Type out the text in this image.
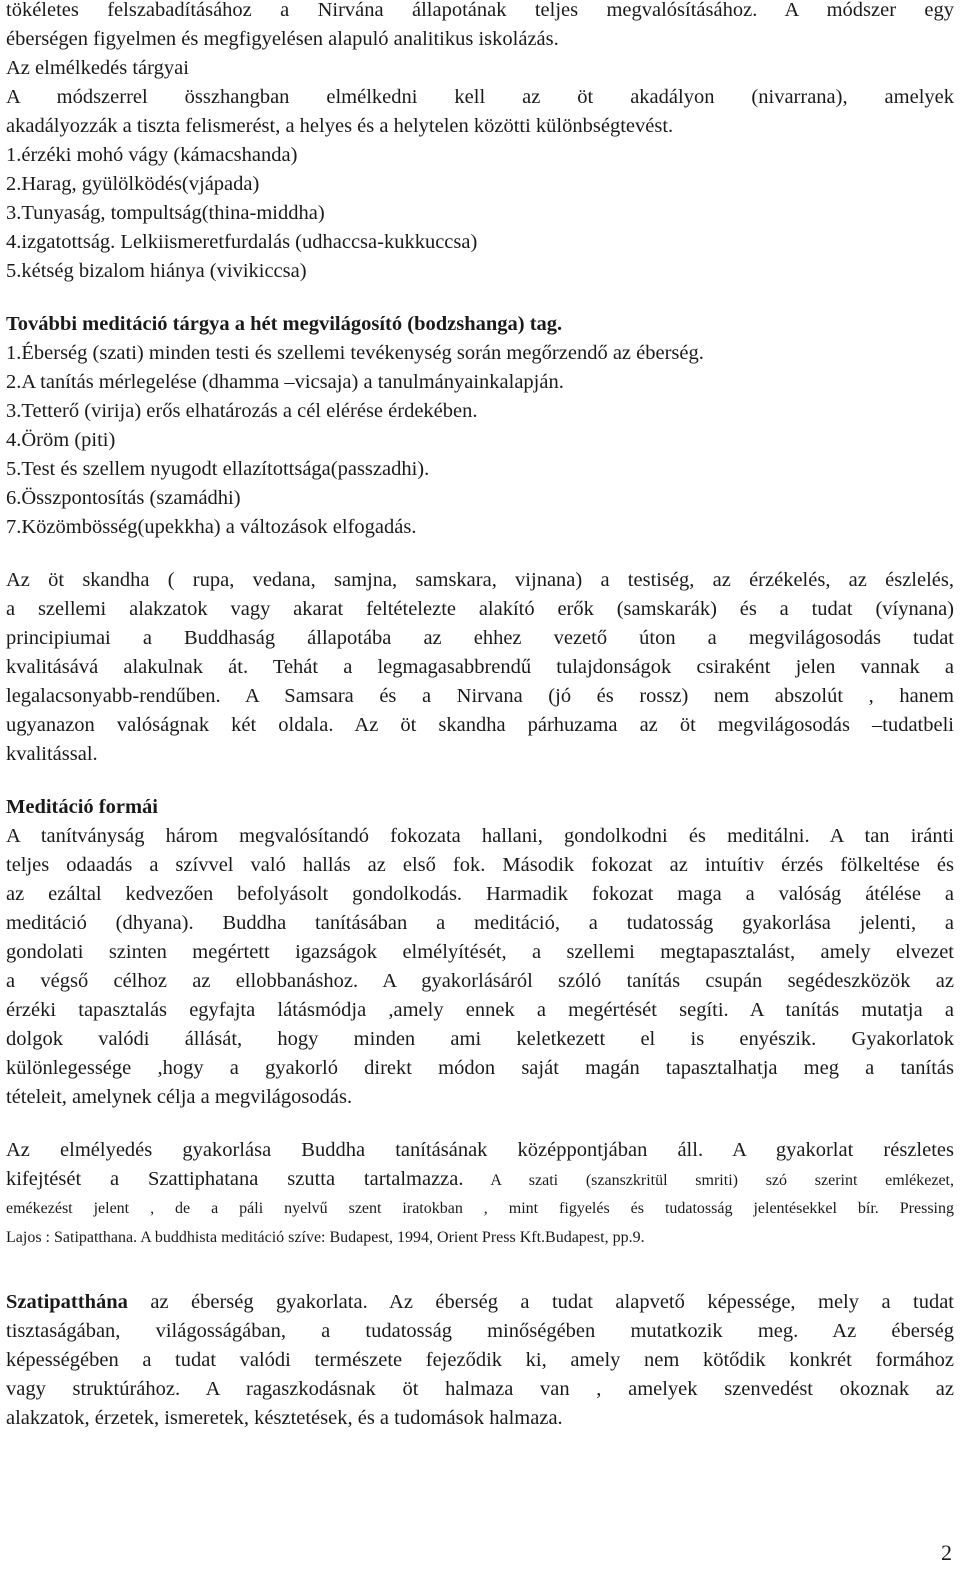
tökéletes felszabadításához a Nirvána állapotának teljes megvalósításához. A módszer egy
éberségen figyelmen és megfigyelésen alapuló analitikus iskolázás.
Az elmélkedés tárgyai
A módszerrel összhangban elmélkedni kell az öt akadályon (nivarrana), amelyek
akadályozzák a tiszta felismerést, a helyes és a helytelen közötti különbségtevést.
1.érzéki mohó vágy (kámacshanda)
2.Harag, gyülölködés(vjápada)
3.Tunyaság, tompultság(thina-middha)
4.izgatottság. Lelkiismeretfurdalás (udhaccsa-kukkuccsa)
5.kétség bizalom hiánya (vivikiccsa)
További meditáció tárgya a hét megvilágosító (bodzshanga) tag.
1.Éberség (szati) minden testi és szellemi tevékenység során megőrzendő az éberség.
2.A tanítás mérlegelése (dhamma –vicsaja) a tanulmányainkalapján.
3.Tetterő (virija) erős elhatározás a cél elérése érdekében.
4.Öröm (piti)
5.Test és szellem nyugodt ellazítottsága(passzadhi).
6.Összpontosítás (szamádhi)
7.Közömbösség(upekkha) a változások elfogadás.
Az öt skandha ( rupa, vedana, samjna, samskara, vijnana) a testiség, az érzékelés, az észlelés,
a szellemi alakzatok vagy akarat feltételezte alakító erők (samskarák) és a tudat (víynana)
principiumai a Buddhaság állapotába az ehhez vezető úton a megvilágosodás tudat
kvalitásává alakulnak át. Tehát a legmagasabbrendű tulajdonságok csiraként jelen vannak a
legalacsonyabb-rendűben. A Samsara és a Nirvana (jó és rossz) nem abszolút , hanem
ugyanazon valóságnak két oldala. Az öt skandha párhuzama az öt megvilágosodás –tudatbeli
kvalitással.
Meditáció formái
A tanítványság három megvalósítandó fokozata hallani, gondolkodni és meditálni. A tan iránti
teljes odaadás a szívvel való hallás az első fok. Második fokozat az intuítiv érzés fölkeltése és
az ezáltal kedvezően befolyásolt gondolkodás. Harmadik fokozat maga a valóság átélése a
meditáció (dhyana). Buddha tanításában a meditáció, a tudatosság gyakorlása jelenti, a
gondolati szinten megértett igazságok elmélyítését, a szellemi megtapasztalást, amely elvezet
a végső célhoz az ellobbanáshoz. A gyakorlásáról szóló tanítás csupán segédeszközök az
érzéki tapasztalás egyfajta látásmódja ,amely ennek a megértését segíti. A tanítás mutatja a
dolgok valódi állását, hogy minden ami keletkezett el is enyészik. Gyakorlatok
különlegessége ,hogy a gyakorló direkt módon saját magán tapasztalhatja meg a tanítás
tételeit, amelynek célja a megvilágosodás.
Az elmélyedés gyakorlása Buddha tanításának középpontjában áll. A gyakorlat részletes
kifejtését a Szattiphatana szutta tartalmazza. A szati (szanszkritül smriti) szó szerint emlékezet,
emékezést jelent , de a páli nyelvű szent iratokban , mint figyelés és tudatosság jelentésekkel bír. Pressing
Lajos : Satipatthana. A buddhista meditáció szíve: Budapest, 1994, Orient Press Kft.Budapest, pp.9.
Szatipatthána az éberség gyakorlata. Az éberség a tudat alapvető képessége, mely a tudat
tisztaságában, világosságában, a tudatosság minőségében mutatkozik meg. Az éberség
képességében a tudat valódi természete fejeződik ki, amely nem kötődik konkrét formához
vagy struktúrához. A ragaszkodásnak öt halmaza van , amelyek szenvedést okoznak az
alakzatok, érzetek, ismeretek, késztetések, és a tudomások halmaza.
2
